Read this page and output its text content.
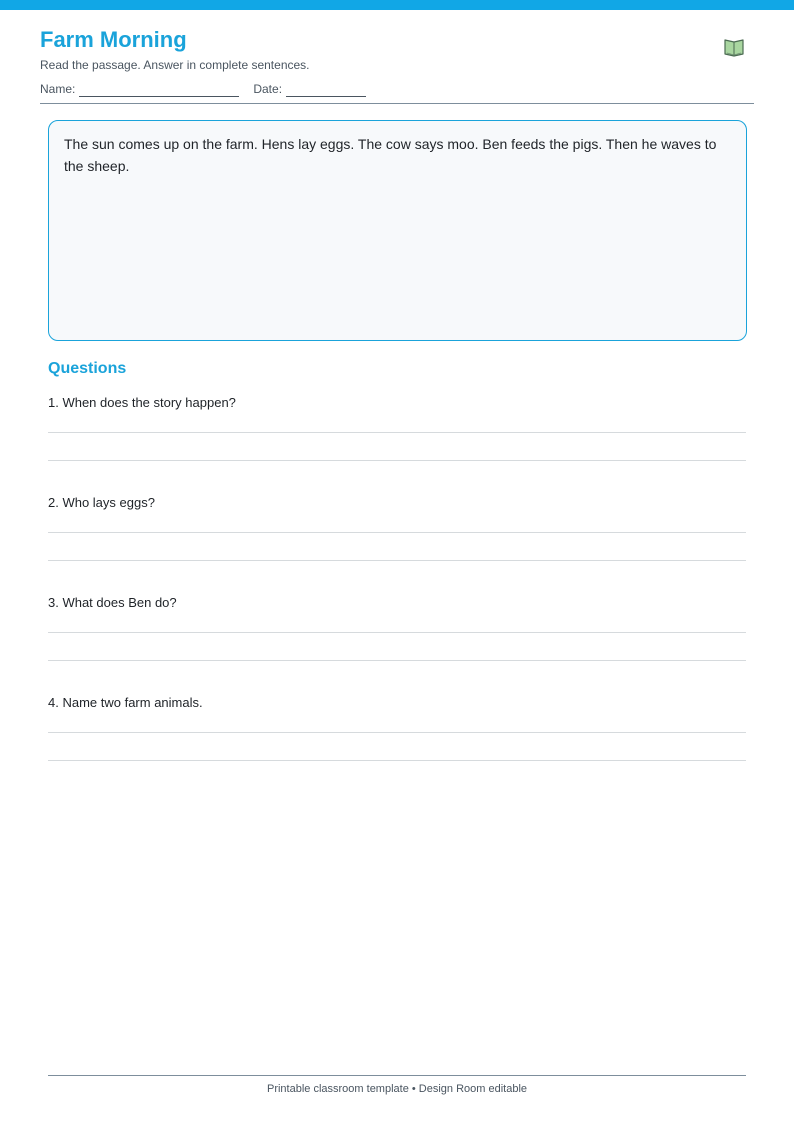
Farm Morning
Read the passage. Answer in complete sentences.
Name:	Date:

The sun comes up on the farm. Hens lay eggs. The cow says moo. Ben feeds the pigs. Then he waves to the sheep.

Questions
1. When does the story happen?
2. Who lays eggs?
3. What does Ben do?
4. Name two farm animals.
Printable classroom template • Design Room editable
